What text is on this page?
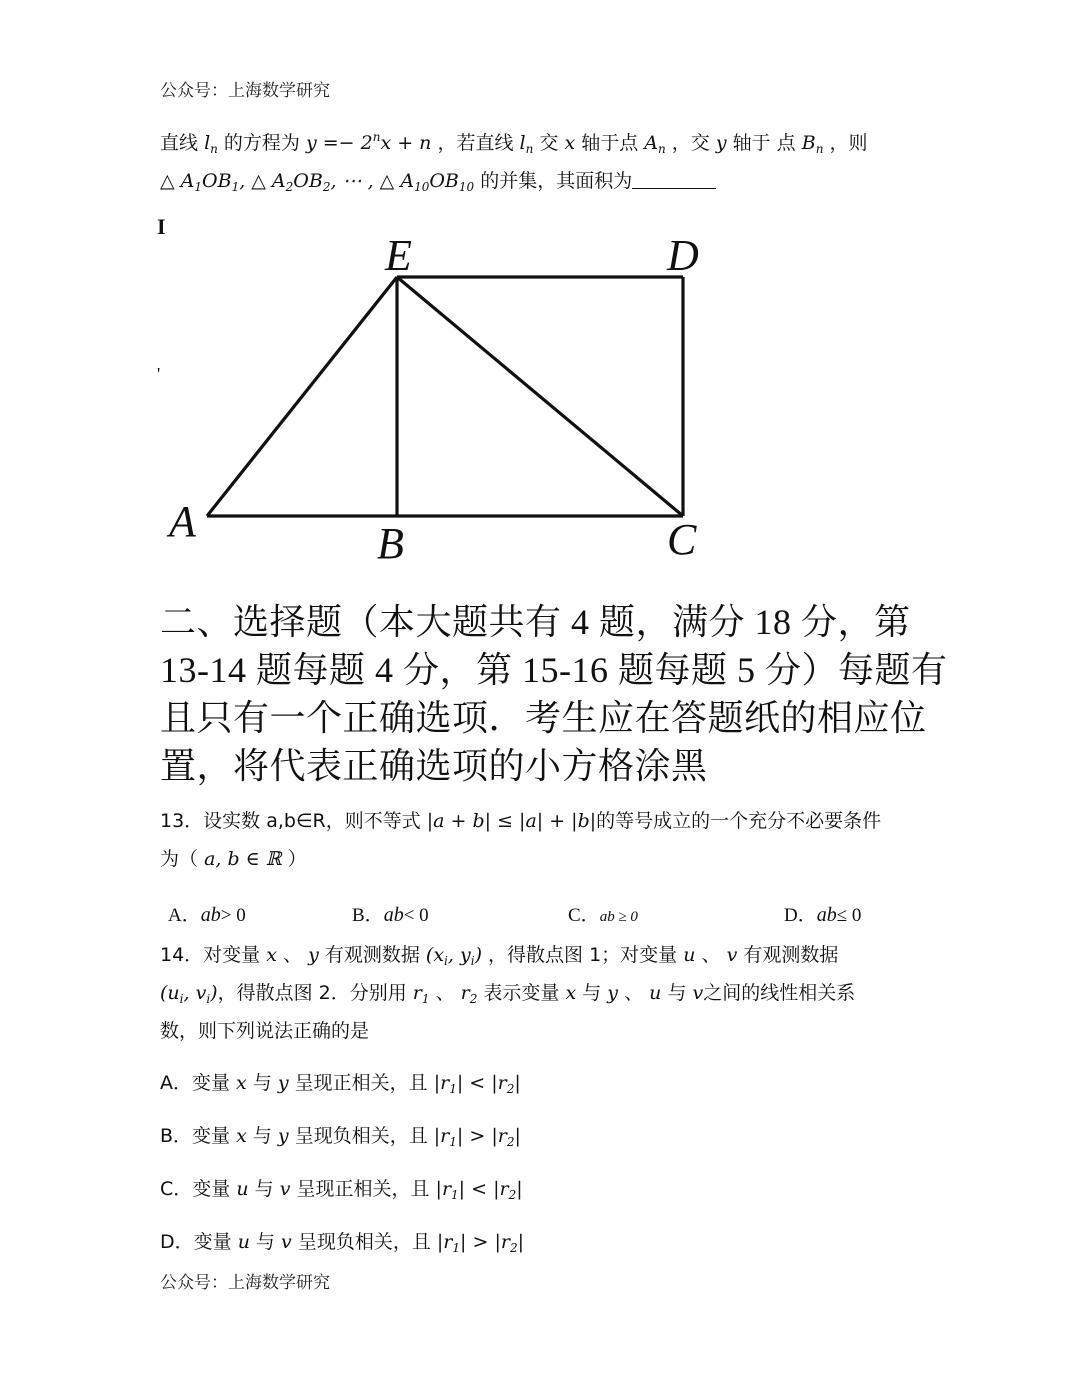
公众号：上海数学研究
直线 $l_n$ 的方程为 $y =- 2^nx + n$ ，若直线 $l_n$ 交 x 轴于点 $A_n$ ，交 y 轴于 点 $B_n$ ，则
△ $A_1OB_1$, △ $A_2OB_2$, ⋯ , △ $A_{10}OB_{10}$ 的并集，其面积为
E	D
A	B	C
I
'
二、选择题（本大题共有 4 题，满分 18 分，第
13-14 题每题 4 分，第 15-16 题每题 5 分）每题有
且只有一个正确选项．考生应在答题纸的相应位
置，将代表正确选项的小方格涂黑
13．设实数 a,b∈R，则不等式 |a + b| ≤ |a| + |b|的等号成立的一个充分不必要条件
为（ a, b ∈ ℝ ）
A．ab> 0	B．ab< 0	C．ab ≥ 0	D．ab≤ 0
14．对变量 x 、 y 有观测数据 ($x_i$, $y_i$) ，得散点图 1；对变量 u 、 v 有观测数据
($u_i$, $v_i$)，得散点图 2．分别用 $r_1$ 、 $r_2$ 表示变量 x 与 y 、 u 与 v之间的线性相关系
数，则下列说法正确的是
A．变量 x 与 y 呈现正相关，且 $|r_1| < |r_2|$
B．变量 x 与 y 呈现负相关，且 $|r_1| > |r_2|$
C．变量 u 与 v 呈现正相关，且 $|r_1| < |r_2|$
D．变量 u 与 v 呈现负相关，且 $|r_1| > |r_2|$
公众号：上海数学研究
